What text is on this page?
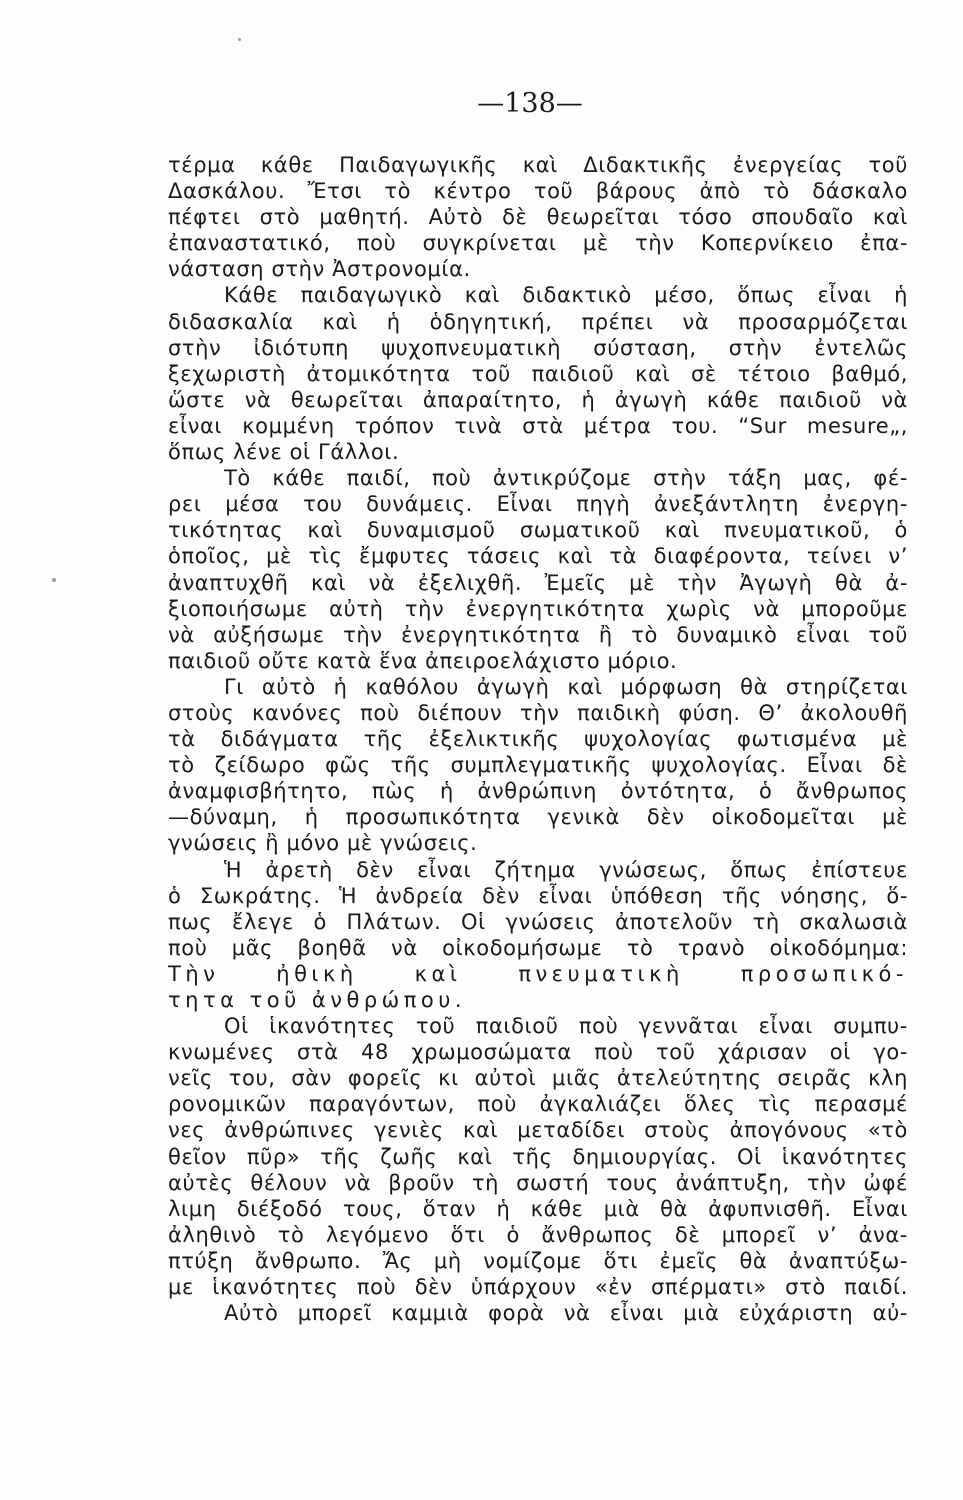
—138—
τέρμα κάθε Παιδαγωγικῆς καὶ Διδακτικῆς ἐνεργείας τοῦ
Δασκάλου. Ἔτσι τὸ κέντρο τοῦ βάρους ἀπὸ τὸ δάσκαλο
πέφτει στὸ μαθητή. Αὐτὸ δὲ θεωρεῖται τόσο σπουδαῖο καὶ
ἐπαναστατικό, ποὺ συγκρίνεται μὲ τὴν Κοπερνίκειο ἐπα-
νάσταση στὴν Ἀστρονομία.
Κάθε παιδαγωγικὸ καὶ διδακτικὸ μέσο, ὅπως εἶναι ἡ
διδασκαλία καὶ ἡ ὁδηγητική, πρέπει νὰ προσαρμόζεται
στὴν ἰδιότυπη ψυχοπνευματικὴ σύσταση, στὴν ἐντελῶς
ξεχωριστὴ ἀτομικότητα τοῦ παιδιοῦ καὶ σὲ τέτοιο βαθμό,
ὥστε νὰ θεωρεῖται ἀπαραίτητο, ἡ ἀγωγὴ κάθε παιδιοῦ νὰ
εἶναι κομμένη τρόπον τινὰ στὰ μέτρα του. “Sur mesure„,
ὅπως λένε οἱ Γάλλοι.
Τὸ κάθε παιδί, ποὺ ἀντικρύζομε στὴν τάξη μας, φέ-
ρει μέσα του δυνάμεις. Εἶναι πηγὴ ἀνεξάντλητη ἐνεργη-
τικότητας καὶ δυναμισμοῦ σωματικοῦ καὶ πνευματικοῦ, ὁ
ὁποῖος, μὲ τὶς ἔμφυτες τάσεις καὶ τὰ διαφέροντα, τείνει ν’
ἀναπτυχθῆ καὶ νὰ ἐξελιχθῆ. Ἐμεῖς μὲ τὴν Ἀγωγὴ θὰ ἀ-
ξιοποιήσωμε αὐτὴ τὴν ἐνεργητικότητα χωρὶς νὰ μποροῦμε
νὰ αὐξήσωμε τὴν ἐνεργητικότητα ἢ τὸ δυναμικὸ εἶναι τοῦ
παιδιοῦ οὔτε κατὰ ἕνα ἀπειροελάχιστο μόριο.
Γι αὐτὸ ἡ καθόλου ἀγωγὴ καὶ μόρφωση θὰ στηρίζεται
στοὺς κανόνες ποὺ διέπουν τὴν παιδικὴ φύση. Θ’ ἀκολουθῆ
τὰ διδάγματα τῆς ἐξελικτικῆς ψυχολογίας φωτισμένα μὲ
τὸ ζείδωρο φῶς τῆς συμπλεγματικῆς ψυχολογίας. Εἶναι δὲ
ἀναμφισβήτητο, πὼς ἡ ἀνθρώπινη ὀντότητα, ὁ ἄνθρωπος
—δύναμη, ἡ προσωπικότητα γενικὰ δὲν οἰκοδομεῖται μὲ
γνώσεις ἢ μόνο μὲ γνώσεις.
Ἡ ἀρετὴ δὲν εἶναι ζήτημα γνώσεως, ὅπως ἐπίστευε
ὁ Σωκράτης. Ἡ ἀνδρεία δὲν εἶναι ὑπόθεση τῆς νόησης, ὅ-
πως ἔλεγε ὁ Πλάτων. Οἱ γνώσεις ἀποτελοῦν τὴ σκαλωσιὰ
ποὺ μᾶς βοηθᾶ νὰ οἰκοδομήσωμε τὸ τρανὸ οἰκοδόμημα:
Τὴν ἠθικὴ καὶ πνευματικὴ προσωπικό-
τητα τοῦ ἀνθρώπου.
Οἱ ἱκανότητες τοῦ παιδιοῦ ποὺ γεννᾶται εἶναι συμπυ-
κνωμένες στὰ 48 χρωμοσώματα ποὺ τοῦ χάρισαν οἱ γο-
νεῖς του, σὰν φορεῖς κι αὐτοὶ μιᾶς ἀτελεύτητης σειρᾶς κλη
ρονομικῶν παραγόντων, ποὺ ἀγκαλιάζει ὅλες τὶς περασμέ
νες ἀνθρώπινες γενιὲς καὶ μεταδίδει στοὺς ἀπογόνους «τὸ
θεῖον πῦρ» τῆς ζωῆς καὶ τῆς δημιουργίας. Οἱ ἱκανότητες
αὐτὲς θέλουν νὰ βροῦν τὴ σωστή τους ἀνάπτυξη, τὴν ὠφέ
λιμη διέξοδό τους, ὅταν ἡ κάθε μιὰ θὰ ἀφυπνισθῆ. Εἶναι
ἀληθινὸ τὸ λεγόμενο ὅτι ὁ ἄνθρωπος δὲ μπορεῖ ν’ ἀνα-
πτύξη ἄνθρωπο. Ἄς μὴ νομίζομε ὅτι ἐμεῖς θὰ ἀναπτύξω-
με ἱκανότητες ποὺ δὲν ὑπάρχουν «ἐν σπέρματι» στὸ παιδί.
Αὐτὸ μπορεῖ καμμιὰ φορὰ νὰ εἶναι μιὰ εὐχάριστη αὐ-
